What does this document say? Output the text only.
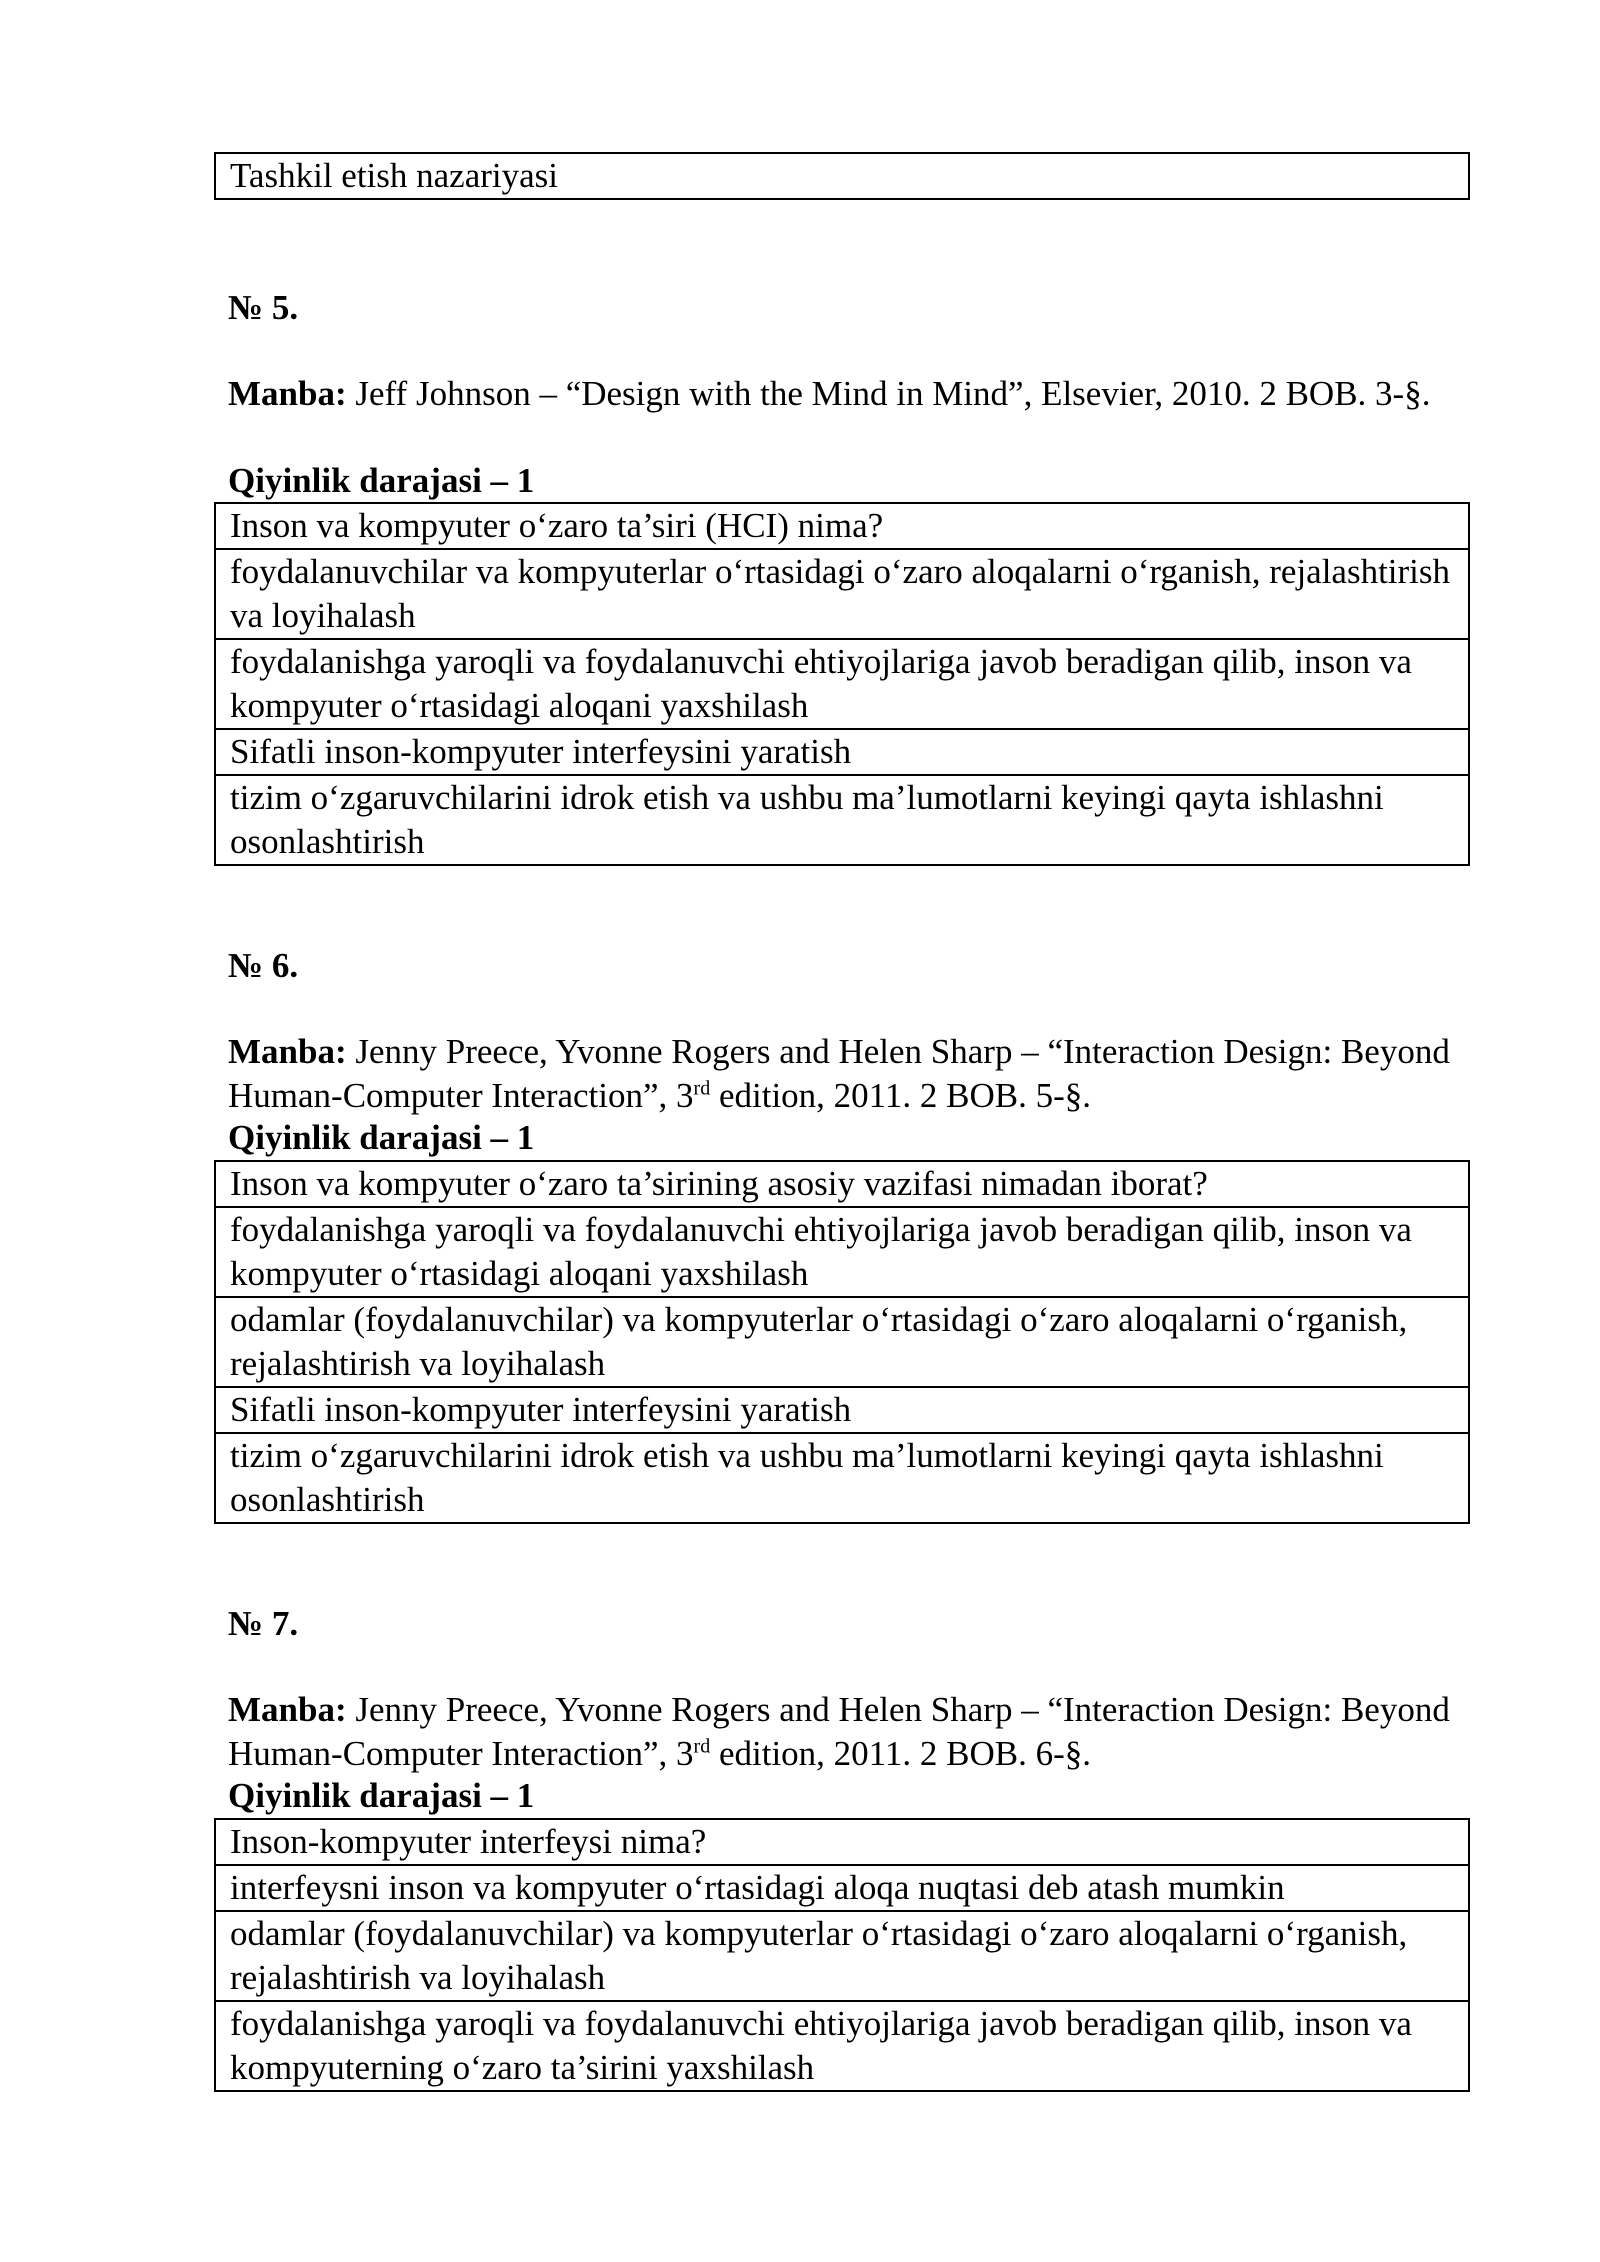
Tashkil etish nazariyasi
№ 5.
Manba: Jeff Johnson – “Design with the Mind in Mind”, Elsevier, 2010. 2 BOB. 3-§.
Qiyinlik darajasi – 1
Inson va kompyuter o‘zaro ta’siri (HCI) nima?
foydalanuvchilar va kompyuterlar o‘rtasidagi o‘zaro aloqalarni o‘rganish, rejalashtirish va loyihalash
foydalanishga yaroqli va foydalanuvchi ehtiyojlariga javob beradigan qilib, inson va kompyuter o‘rtasidagi aloqani yaxshilash
Sifatli inson-kompyuter interfeysini yaratish
tizim o‘zgaruvchilarini idrok etish va ushbu ma’lumotlarni keyingi qayta ishlashni osonlashtirish
№ 6.
Manba: Jenny Preece, Yvonne Rogers and Helen Sharp – “Interaction Design: Beyond Human-Computer Interaction”, 3rd edition, 2011. 2 BOB. 5-§.
Qiyinlik darajasi – 1
Inson va kompyuter o‘zaro ta’sirining asosiy vazifasi nimadan iborat?
foydalanishga yaroqli va foydalanuvchi ehtiyojlariga javob beradigan qilib, inson va kompyuter o‘rtasidagi aloqani yaxshilash
odamlar (foydalanuvchilar) va kompyuterlar o‘rtasidagi o‘zaro aloqalarni o‘rganish, rejalashtirish va loyihalash
Sifatli inson-kompyuter interfeysini yaratish
tizim o‘zgaruvchilarini idrok etish va ushbu ma’lumotlarni keyingi qayta ishlashni osonlashtirish
№ 7.
Manba: Jenny Preece, Yvonne Rogers and Helen Sharp – “Interaction Design: Beyond Human-Computer Interaction”, 3rd edition, 2011. 2 BOB. 6-§.
Qiyinlik darajasi – 1
Inson-kompyuter interfeysi nima?
interfeysni inson va kompyuter o‘rtasidagi aloqa nuqtasi deb atash mumkin
odamlar (foydalanuvchilar) va kompyuterlar o‘rtasidagi o‘zaro aloqalarni o‘rganish, rejalashtirish va loyihalash
foydalanishga yaroqli va foydalanuvchi ehtiyojlariga javob beradigan qilib, inson va kompyuterning o‘zaro ta’sirini yaxshilash
